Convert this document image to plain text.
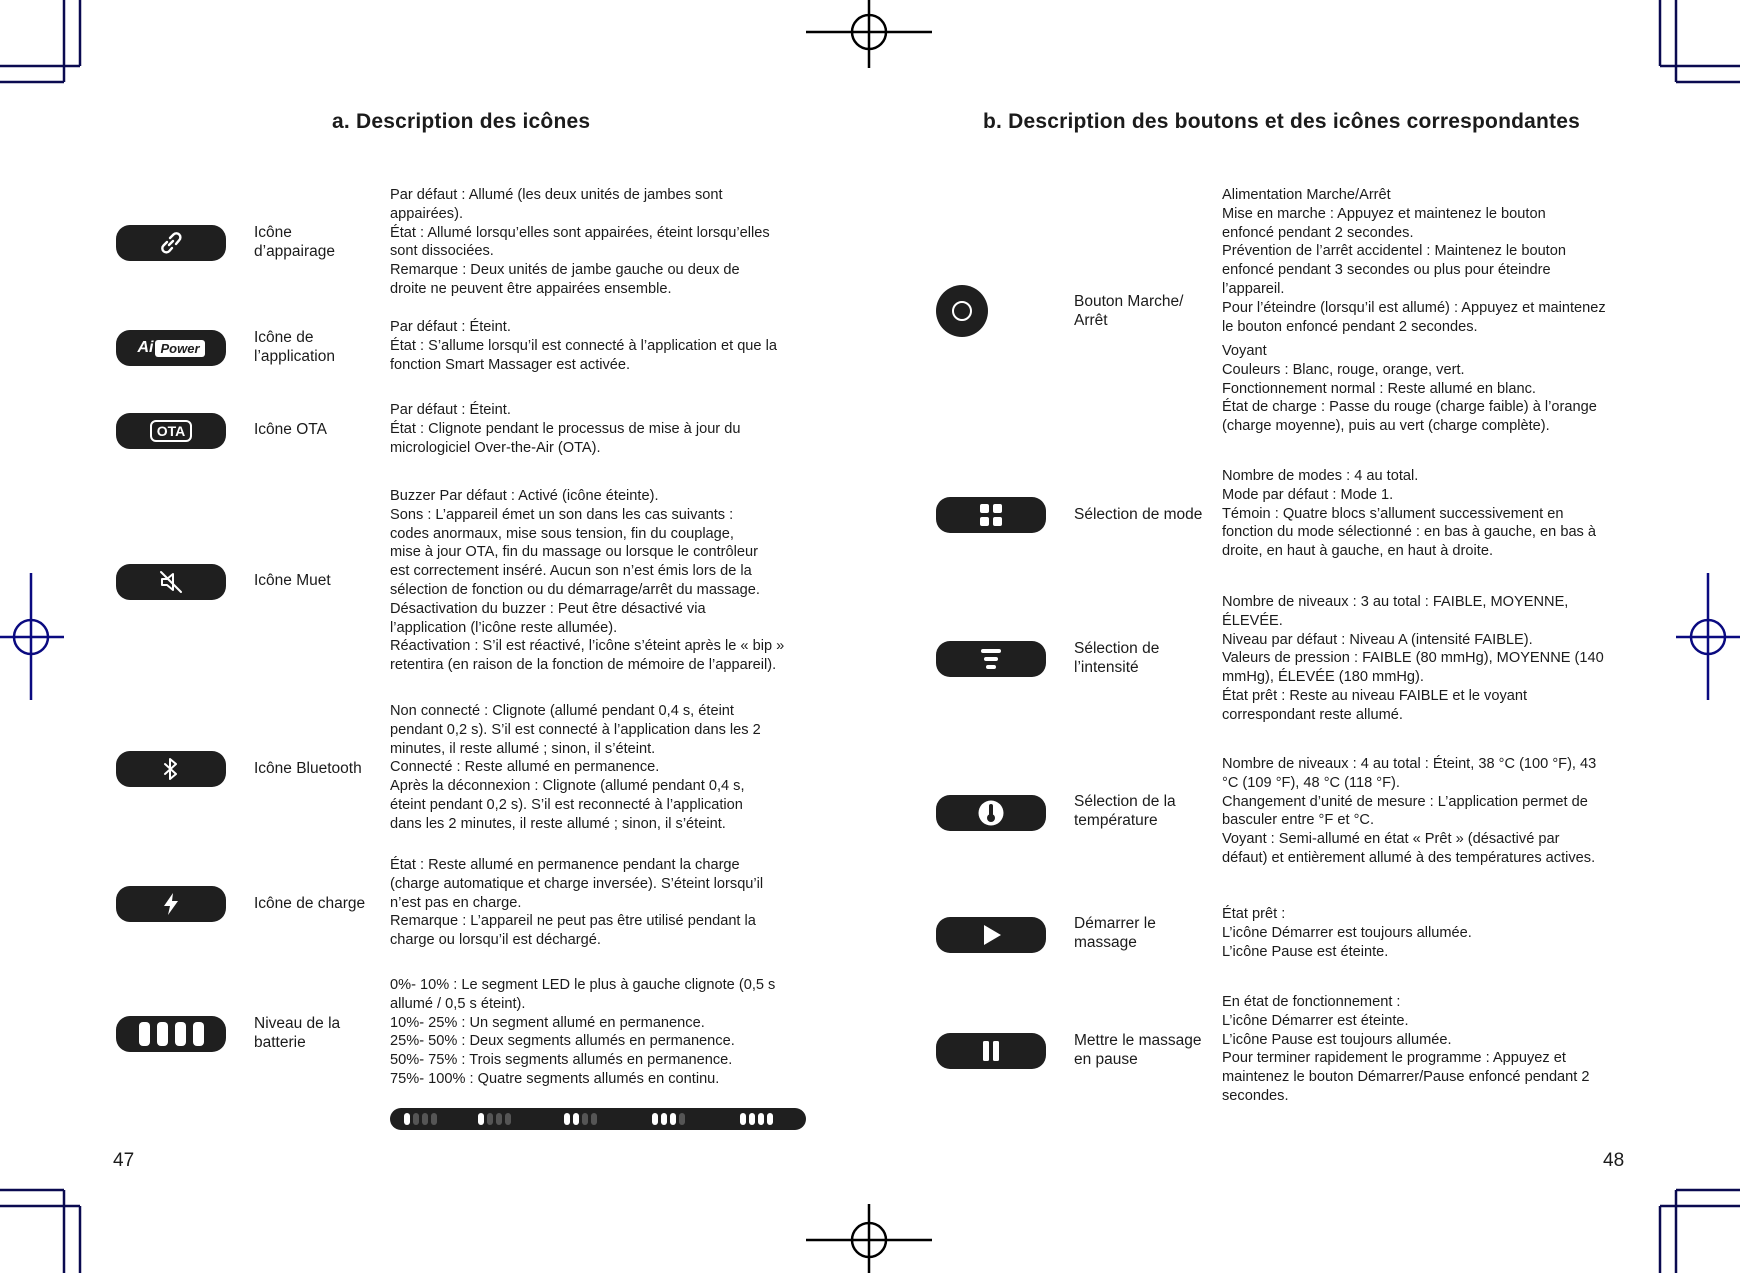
a. Description des icônes
Icône
d’appairage
Par défaut : Allumé (les deux unités de jambes sont
appairées).
État : Allumé lorsqu’elles sont appairées, éteint lorsqu’elles
sont dissociées.
Remarque : Deux unités de jambe gauche ou deux de
droite ne peuvent être appairées ensemble.
Ai Power
Icône de
l’application
Par défaut : Éteint.
État : S’allume lorsqu’il est connecté à l’application et que la
fonction Smart Massager est activée.
OTA	Icône OTA
Par défaut : Éteint.
État : Clignote pendant le processus de mise à jour du
micrologiciel Over-the-Air (OTA).
Icône Muet
Buzzer Par défaut : Activé (icône éteinte).
Sons : L’appareil émet un son dans les cas suivants :
codes anormaux, mise sous tension, fin du couplage,
mise à jour OTA, fin du massage ou lorsque le contrôleur
est correctement inséré. Aucun son n’est émis lors de la
sélection de fonction ou du démarrage/arrêt du massage.
Désactivation du buzzer : Peut être désactivé via
l’application (l’icône reste allumée).
Réactivation : S’il est réactivé, l’icône s’éteint après le « bip »
retentira (en raison de la fonction de mémoire de l’appareil).
Icône Bluetooth
Non connecté : Clignote (allumé pendant 0,4 s, éteint
pendant 0,2 s). S’il est connecté à l’application dans les 2
minutes, il reste allumé ; sinon, il s’éteint.
Connecté : Reste allumé en permanence.
Après la déconnexion : Clignote (allumé pendant 0,4 s,
éteint pendant 0,2 s). S’il est reconnecté à l’application
dans les 2 minutes, il reste allumé ; sinon, il s’éteint.
Icône de charge
État : Reste allumé en permanence pendant la charge
(charge automatique et charge inversée). S’éteint lorsqu’il
n’est pas en charge.
Remarque : L’appareil ne peut pas être utilisé pendant la
charge ou lorsqu’il est déchargé.
Niveau de la
batterie
0%- 10% : Le segment LED le plus à gauche clignote (0,5 s
allumé / 0,5 s éteint).
10%- 25% : Un segment allumé en permanence.
25%- 50% : Deux segments allumés en permanence.
50%- 75% : Trois segments allumés en permanence.
75%- 100% : Quatre segments allumés en continu.
47
b. Description des boutons et des icônes correspondantes
Bouton Marche/
Arrêt
Alimentation Marche/Arrêt
Mise en marche : Appuyez et maintenez le bouton
enfoncé pendant 2 secondes.
Prévention de l’arrêt accidentel : Maintenez le bouton
enfoncé pendant 3 secondes ou plus pour éteindre
l’appareil.
Pour l’éteindre (lorsqu’il est allumé) : Appuyez et maintenez
le bouton enfoncé pendant 2 secondes.
Voyant
Couleurs : Blanc, rouge, orange, vert.
Fonctionnement normal : Reste allumé en blanc.
État de charge : Passe du rouge (charge faible) à l’orange
(charge moyenne), puis au vert (charge complète).
Sélection de mode
Nombre de modes : 4 au total.
Mode par défaut : Mode 1.
Témoin : Quatre blocs s’allument successivement en
fonction du mode sélectionné : en bas à gauche, en bas à
droite, en haut à gauche, en haut à droite.
Sélection de
l’intensité
Nombre de niveaux : 3 au total : FAIBLE, MOYENNE,
ÉLEVÉE.
Niveau par défaut : Niveau A (intensité FAIBLE).
Valeurs de pression : FAIBLE (80 mmHg), MOYENNE (140
mmHg), ÉLEVÉE (180 mmHg).
État prêt : Reste au niveau FAIBLE et le voyant
correspondant reste allumé.
Sélection de la
température
Nombre de niveaux : 4 au total : Éteint, 38 °C (100 °F), 43
°C (109 °F), 48 °C (118 °F).
Changement d’unité de mesure : L’application permet de
basculer entre °F et °C.
Voyant : Semi-allumé en état « Prêt » (désactivé par
défaut) et entièrement allumé à des températures actives.
Démarrer le
massage
État prêt :
L’icône Démarrer est toujours allumée.
L’icône Pause est éteinte.
Mettre le massage
en pause
En état de fonctionnement :
L’icône Démarrer est éteinte.
L’icône Pause est toujours allumée.
Pour terminer rapidement le programme : Appuyez et
maintenez le bouton Démarrer/Pause enfoncé pendant 2
secondes.
48
